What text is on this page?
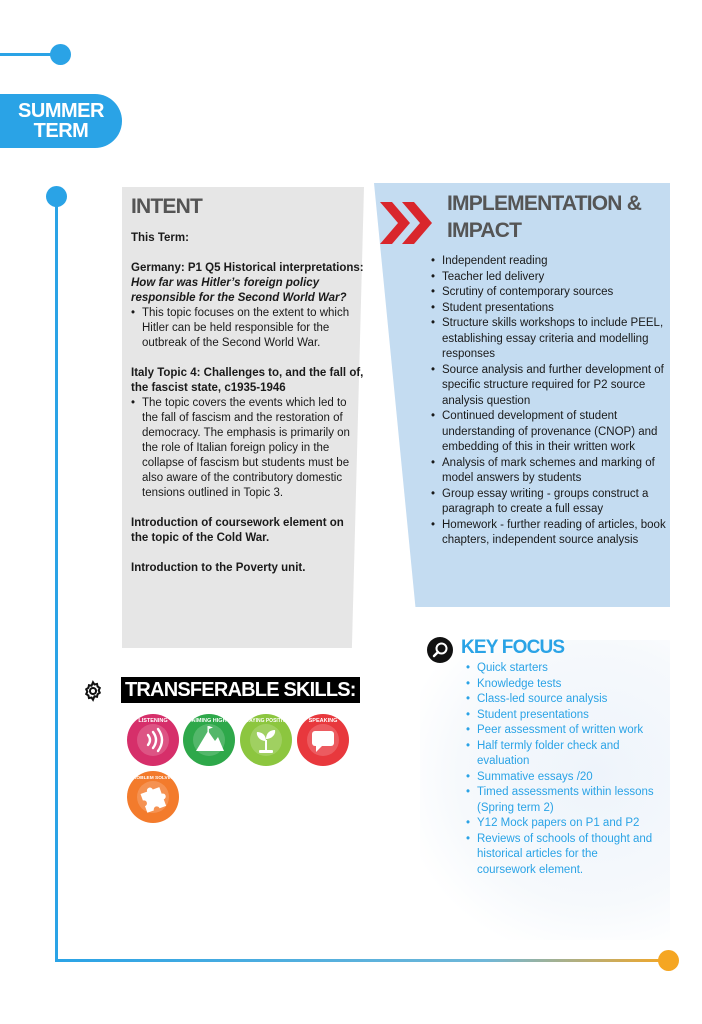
SUMMER
TERM
INTENT

This Term:

Germany: P1 Q5 Historical interpretations: How far was Hitler’s foreign policy responsible for the Second World War?

• This topic focuses on the extent to which Hitler can be held responsible for the outbreak of the Second World War.

Italy Topic 4: Challenges to, and the fall of, the fascist state, c1935-1946

• The topic covers the events which led to the fall of fascism and the restoration of democracy. The emphasis is primarily on the role of Italian foreign policy in the collapse of fascism but students must be also aware of the contributory domestic tensions outlined in Topic 3.

Introduction of coursework element on the topic of the Cold War.

Introduction to the Poverty unit.

IMPLEMENTATION &
IMPACT
• Independent reading
• Teacher led delivery
• Scrutiny of contemporary sources
• Student presentations
• Structure skills workshops to include PEEL, establishing essay criteria and modelling responses
• Source analysis and further development of specific structure required for P2 source analysis question
• Continued development of student understanding of provenance (CNOP) and embedding of this in their written work
• Analysis of mark schemes and marking of model answers by students
• Group essay writing - groups construct a paragraph to create a full essay
• Homework - further reading of articles, book chapters, independent source analysis
KEY FOCUS
• Quick starters
• Knowledge tests
• Class-led source analysis
• Student presentations
• Peer assessment of written work
• Half termly folder check and evaluation
• Summative essays /20
• Timed assessments within lessons (Spring term 2)
• Y12 Mock papers on P1 and P2
• Reviews of schools of thought and historical articles for the coursework element.
TRANSFERABLE SKILLS:
LISTENING	AIMING HIGH	STAYING POSITIVE	SPEAKING
PROBLEM SOLVING
